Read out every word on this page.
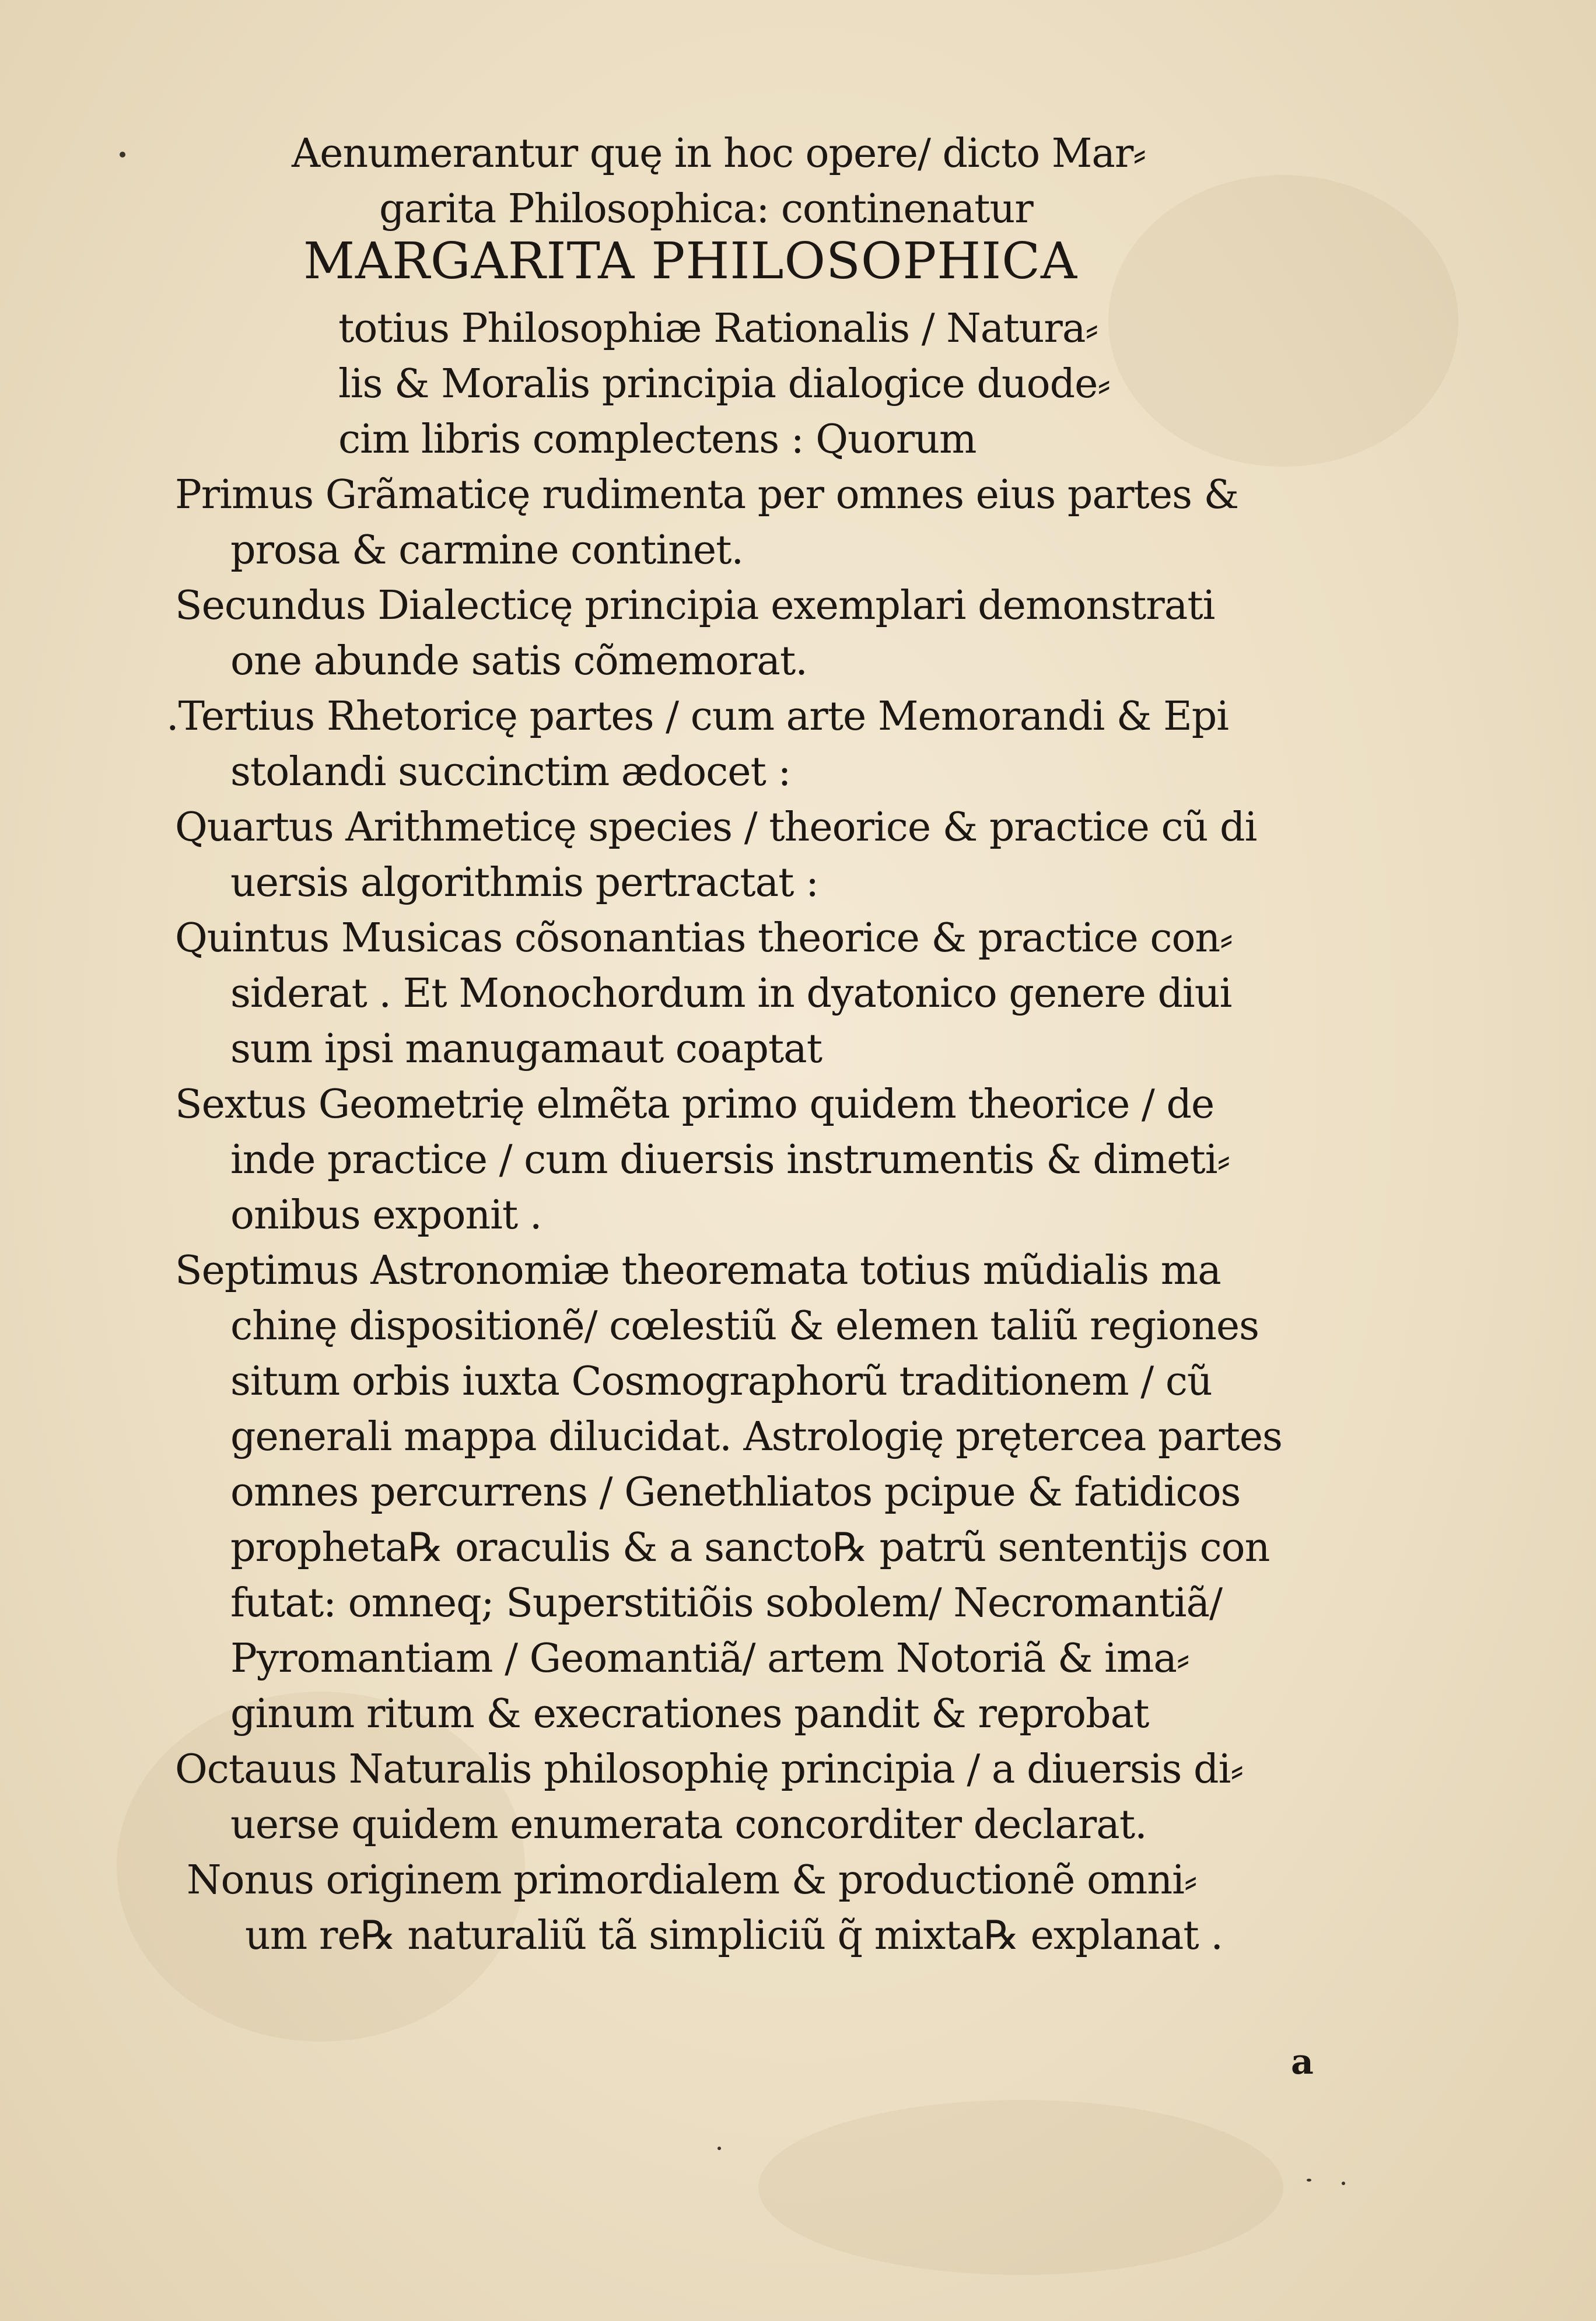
Aenumerantur quę in hoc opere/ dicto Mar⸗

garita Philosophica: continenatur

MARGARITA PHILOSOPHICA

totius Philosophiæ Rationalis / Natura⸗

lis & Moralis principia dialogice duode⸗

cim libris complectens : Quorum

Primus Grãmaticę rudimenta per omnes eius partes &

prosa & carmine continet.

Secundus Dialecticę principia exemplari demonstrati

one abunde satis cõmemorat.

.Tertius Rhetoricę partes / cum arte Memorandi & Epi

stolandi succinctim ædocet :

Quartus Arithmeticę species / theorice & practice cũ di

uersis algorithmis pertractat :

Quintus Musicas cõsonantias theorice & practice con⸗

siderat . Et Monochordum in dyatonico genere diui

sum ipsi manugamaut coaptat

Sextus Geometrię elmẽta primo quidem theorice / de

inde practice / cum diuersis instrumentis & dimeti⸗

onibus exponit .

Septimus Astronomiæ theoremata totius mũdialis ma

chinę dispositionẽ/ cœlestiũ & elemen taliũ regiones

situm orbis iuxta Cosmographorũ traditionem / cũ

generali mappa dilucidat. Astrologię prętercea partes

omnes percurrens / Genethliatos pcipue & fatidicos

propheta℞ oraculis & a sancto℞ patrũ sententijs con

futat: omneq; Superstitiõis sobolem/ Necromantiã/

Pyromantiam / Geomantiã/ artem Notoriã & ima⸗

ginum ritum & execrationes pandit & reprobat

Octauus Naturalis philosophię principia / a diuersis di⸗

uerse quidem enumerata concorditer declarat.

Nonus originem primordialem & productionẽ omni⸗

um re℞ naturaliũ tã simpliciũ q̃ mixta℞ explanat .

a
